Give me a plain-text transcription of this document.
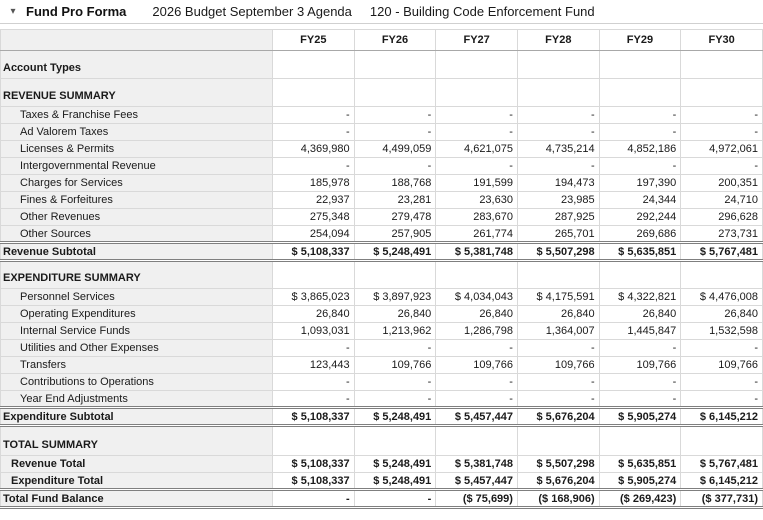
▾ Fund Pro Forma 2026 Budget September 3 Agenda 120 - Building Code Enforcement Fund
	FY25	FY26	FY27	FY28	FY29	FY30
Account Types						
REVENUE SUMMARY						
Taxes & Franchise Fees	-	-	-	-	-	-
Ad Valorem Taxes	-	-	-	-	-	-
Licenses & Permits	4,369,980	4,499,059	4,621,075	4,735,214	4,852,186	4,972,061
Intergovernmental Revenue	-	-	-	-	-	-
Charges for Services	185,978	188,768	191,599	194,473	197,390	200,351
Fines & Forfeitures	22,937	23,281	23,630	23,985	24,344	24,710
Other Revenues	275,348	279,478	283,670	287,925	292,244	296,628
Other Sources	254,094	257,905	261,774	265,701	269,686	273,731
Revenue Subtotal	$ 5,108,337	$ 5,248,491	$ 5,381,748	$ 5,507,298	$ 5,635,851	$ 5,767,481
EXPENDITURE SUMMARY						
Personnel Services	$ 3,865,023	$ 3,897,923	$ 4,034,043	$ 4,175,591	$ 4,322,821	$ 4,476,008
Operating Expenditures	26,840	26,840	26,840	26,840	26,840	26,840
Internal Service Funds	1,093,031	1,213,962	1,286,798	1,364,007	1,445,847	1,532,598
Utilities and Other Expenses	-	-	-	-	-	-
Transfers	123,443	109,766	109,766	109,766	109,766	109,766
Contributions to Operations	-	-	-	-	-	-
Year End Adjustments	-	-	-	-	-	-
Expenditure Subtotal	$ 5,108,337	$ 5,248,491	$ 5,457,447	$ 5,676,204	$ 5,905,274	$ 6,145,212
TOTAL SUMMARY						
Revenue Total	$ 5,108,337	$ 5,248,491	$ 5,381,748	$ 5,507,298	$ 5,635,851	$ 5,767,481
Expenditure Total	$ 5,108,337	$ 5,248,491	$ 5,457,447	$ 5,676,204	$ 5,905,274	$ 6,145,212
Total Fund Balance	-	-	($ 75,699)	($ 168,906)	($ 269,423)	($ 377,731)
